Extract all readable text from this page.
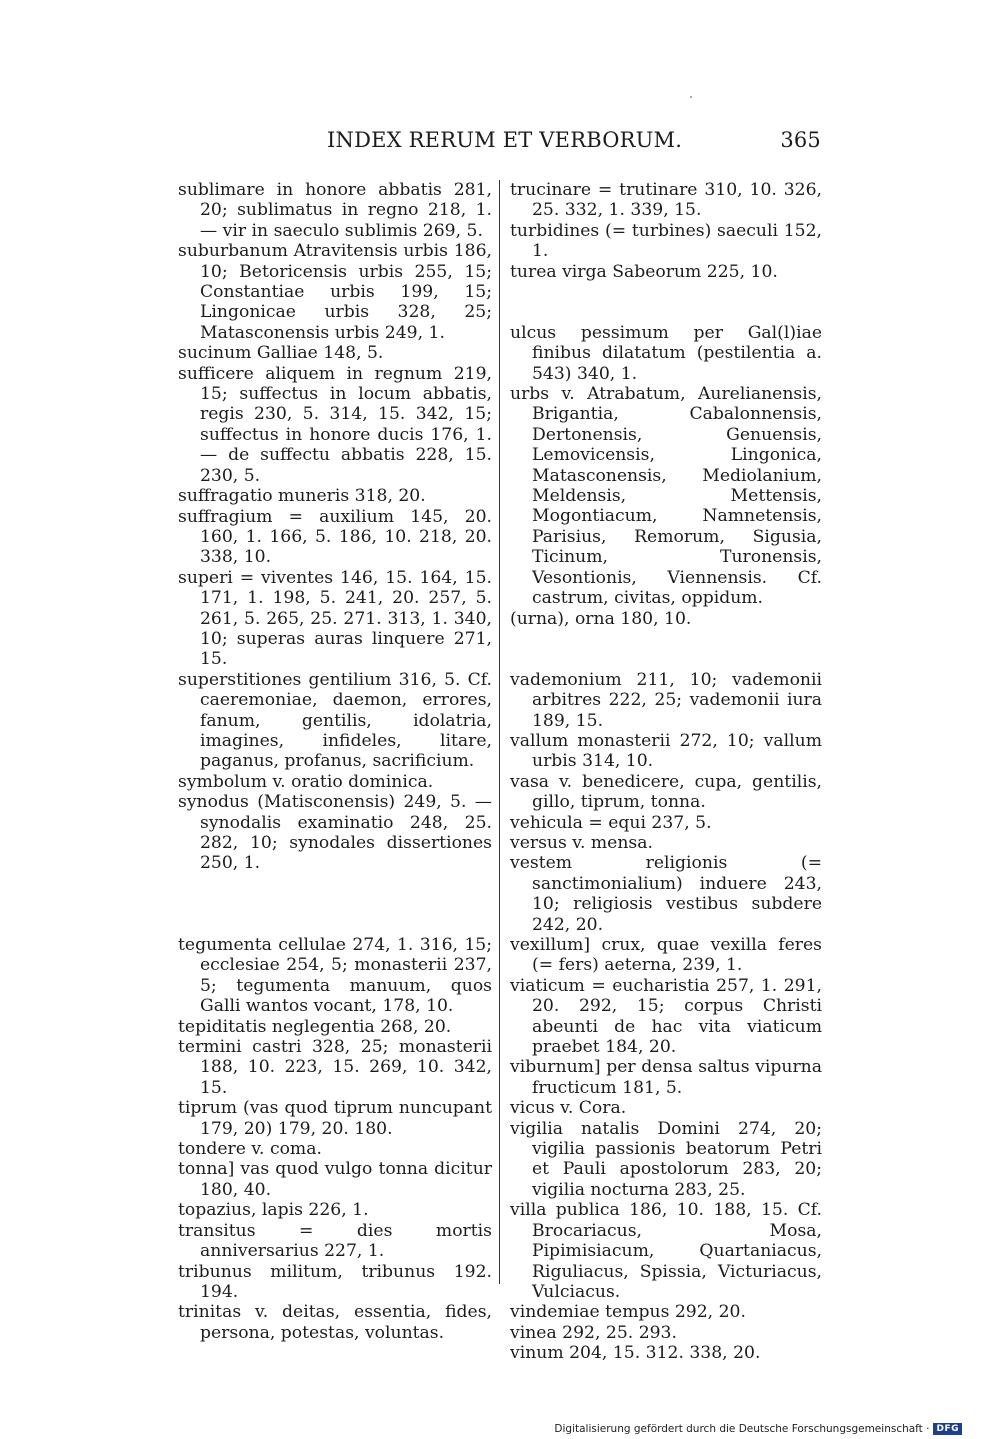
INDEX RERUM ET VERBORUM.	365
sublimare in honore abbatis 281, 20; sublimatus in regno 218, 1. — vir in saeculo sublimis 269, 5.
suburbanum Atravitensis urbis 186, 10; Betoricensis urbis 255, 15; Constantiae urbis 199, 15; Lingonicae urbis 328, 25; Matasconensis urbis 249, 1.
sucinum Galliae 148, 5.
sufficere aliquem in regnum 219, 15; suffectus in locum abbatis, regis 230, 5. 314, 15. 342, 15; suffectus in honore ducis 176, 1. — de suffectu abbatis 228, 15. 230, 5.
suffragatio muneris 318, 20.
suffragium = auxilium 145, 20. 160, 1. 166, 5. 186, 10. 218, 20. 338, 10.
superi = viventes 146, 15. 164, 15. 171, 1. 198, 5. 241, 20. 257, 5. 261, 5. 265, 25. 271. 313, 1. 340, 10; superas auras linquere 271, 15.
superstitiones gentilium 316, 5. Cf. caeremoniae, daemon, errores, fanum, gentilis, idolatria, imagines, infideles, litare, paganus, profanus, sacrificium.
symbolum v. oratio dominica.
synodus (Matisconensis) 249, 5. — synodalis examinatio 248, 25. 282, 10; synodales dissertiones 250, 1.
tegumenta cellulae 274, 1. 316, 15; ecclesiae 254, 5; monasterii 237, 5; tegumenta manuum, quos Galli wantos vocant, 178, 10.
tepiditatis neglegentia 268, 20.
termini castri 328, 25; monasterii 188, 10. 223, 15. 269, 10. 342, 15.
tiprum (vas quod tiprum nuncupant 179, 20) 179, 20. 180.
tondere v. coma.
tonna] vas quod vulgo tonna dicitur 180, 40.
topazius, lapis 226, 1.
transitus = dies mortis anniversarius 227, 1.
tribunus militum, tribunus 192. 194.
trinitas v. deitas, essentia, fides, persona, potestas, voluntas.
trucinare = trutinare 310, 10. 326, 25. 332, 1. 339, 15.
turbidines (= turbines) saeculi 152, 1.
turea virga Sabeorum 225, 10.
ulcus pessimum per Gal(l)iae finibus dilatatum (pestilentia a. 543) 340, 1.
urbs v. Atrabatum, Aurelianensis, Brigantia, Cabalonnensis, Dertonensis, Genuensis, Lemovicensis, Lingonica, Matasconensis, Mediolanium, Meldensis, Mettensis, Mogontiacum, Namnetensis, Parisius, Remorum, Sigusia, Ticinum, Turonensis, Vesontionis, Viennensis. Cf. castrum, civitas, oppidum.
(urna), orna 180, 10.
vademonium 211, 10; vademonii arbitres 222, 25; vademonii iura 189, 15.
vallum monasterii 272, 10; vallum urbis 314, 10.
vasa v. benedicere, cupa, gentilis, gillo, tiprum, tonna.
vehicula = equi 237, 5.
versus v. mensa.
vestem religionis (= sanctimonialium) induere 243, 10; religiosis vestibus subdere 242, 20.
vexillum] crux, quae vexilla feres (= fers) aeterna, 239, 1.
viaticum = eucharistia 257, 1. 291, 20. 292, 15; corpus Christi abeunti de hac vita viaticum praebet 184, 20.
viburnum] per densa saltus vipurna fructicum 181, 5.
vicus v. Cora.
vigilia natalis Domini 274, 20; vigilia passionis beatorum Petri et Pauli apostolorum 283, 20; vigilia nocturna 283, 25.
villa publica 186, 10. 188, 15. Cf. Brocariacus, Mosa, Pipimisiacum, Quartaniacus, Riguliacus, Spissia, Victuriacus, Vulciacus.
vindemiae tempus 292, 20.
vinea 292, 25. 293.
vinum 204, 15. 312. 338, 20.
Digitalisierung gefördert durch die Deutsche Forschungsgemeinschaft · DFG
